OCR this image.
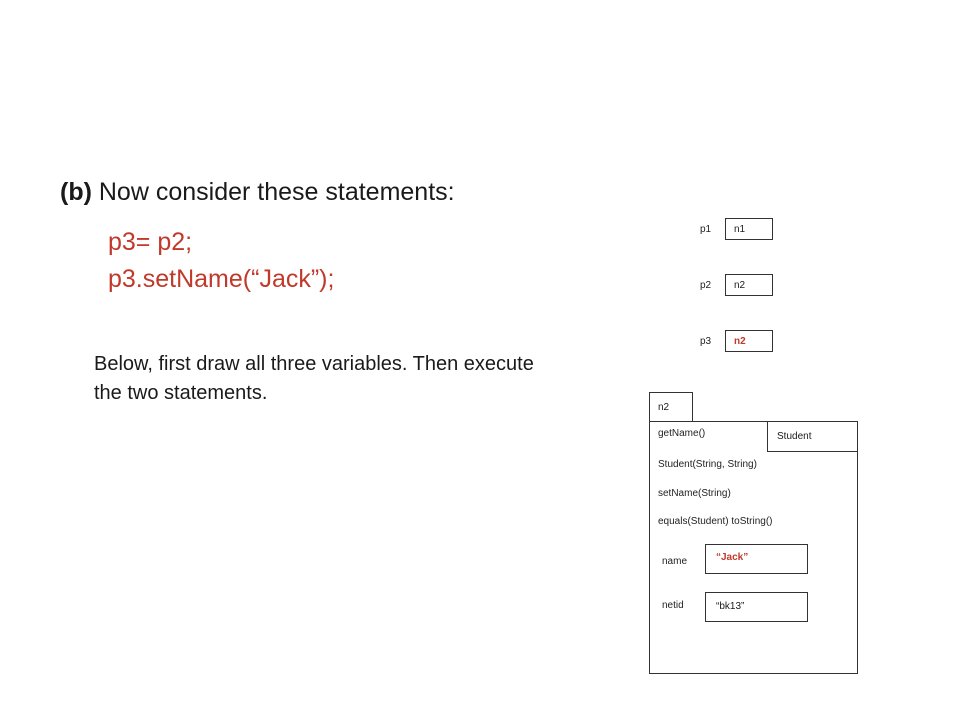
(b) Now consider these statements:
p3= p2;
p3.setName(“Jack”);
Below, first draw all three variables. Then execute the two statements.
p1 n1
p2 n2
p3 n2
n2
Student
getName()
Student(String, String)
setName(String)
equals(Student) toString()
name	“Jack”
netid	“bk13”
